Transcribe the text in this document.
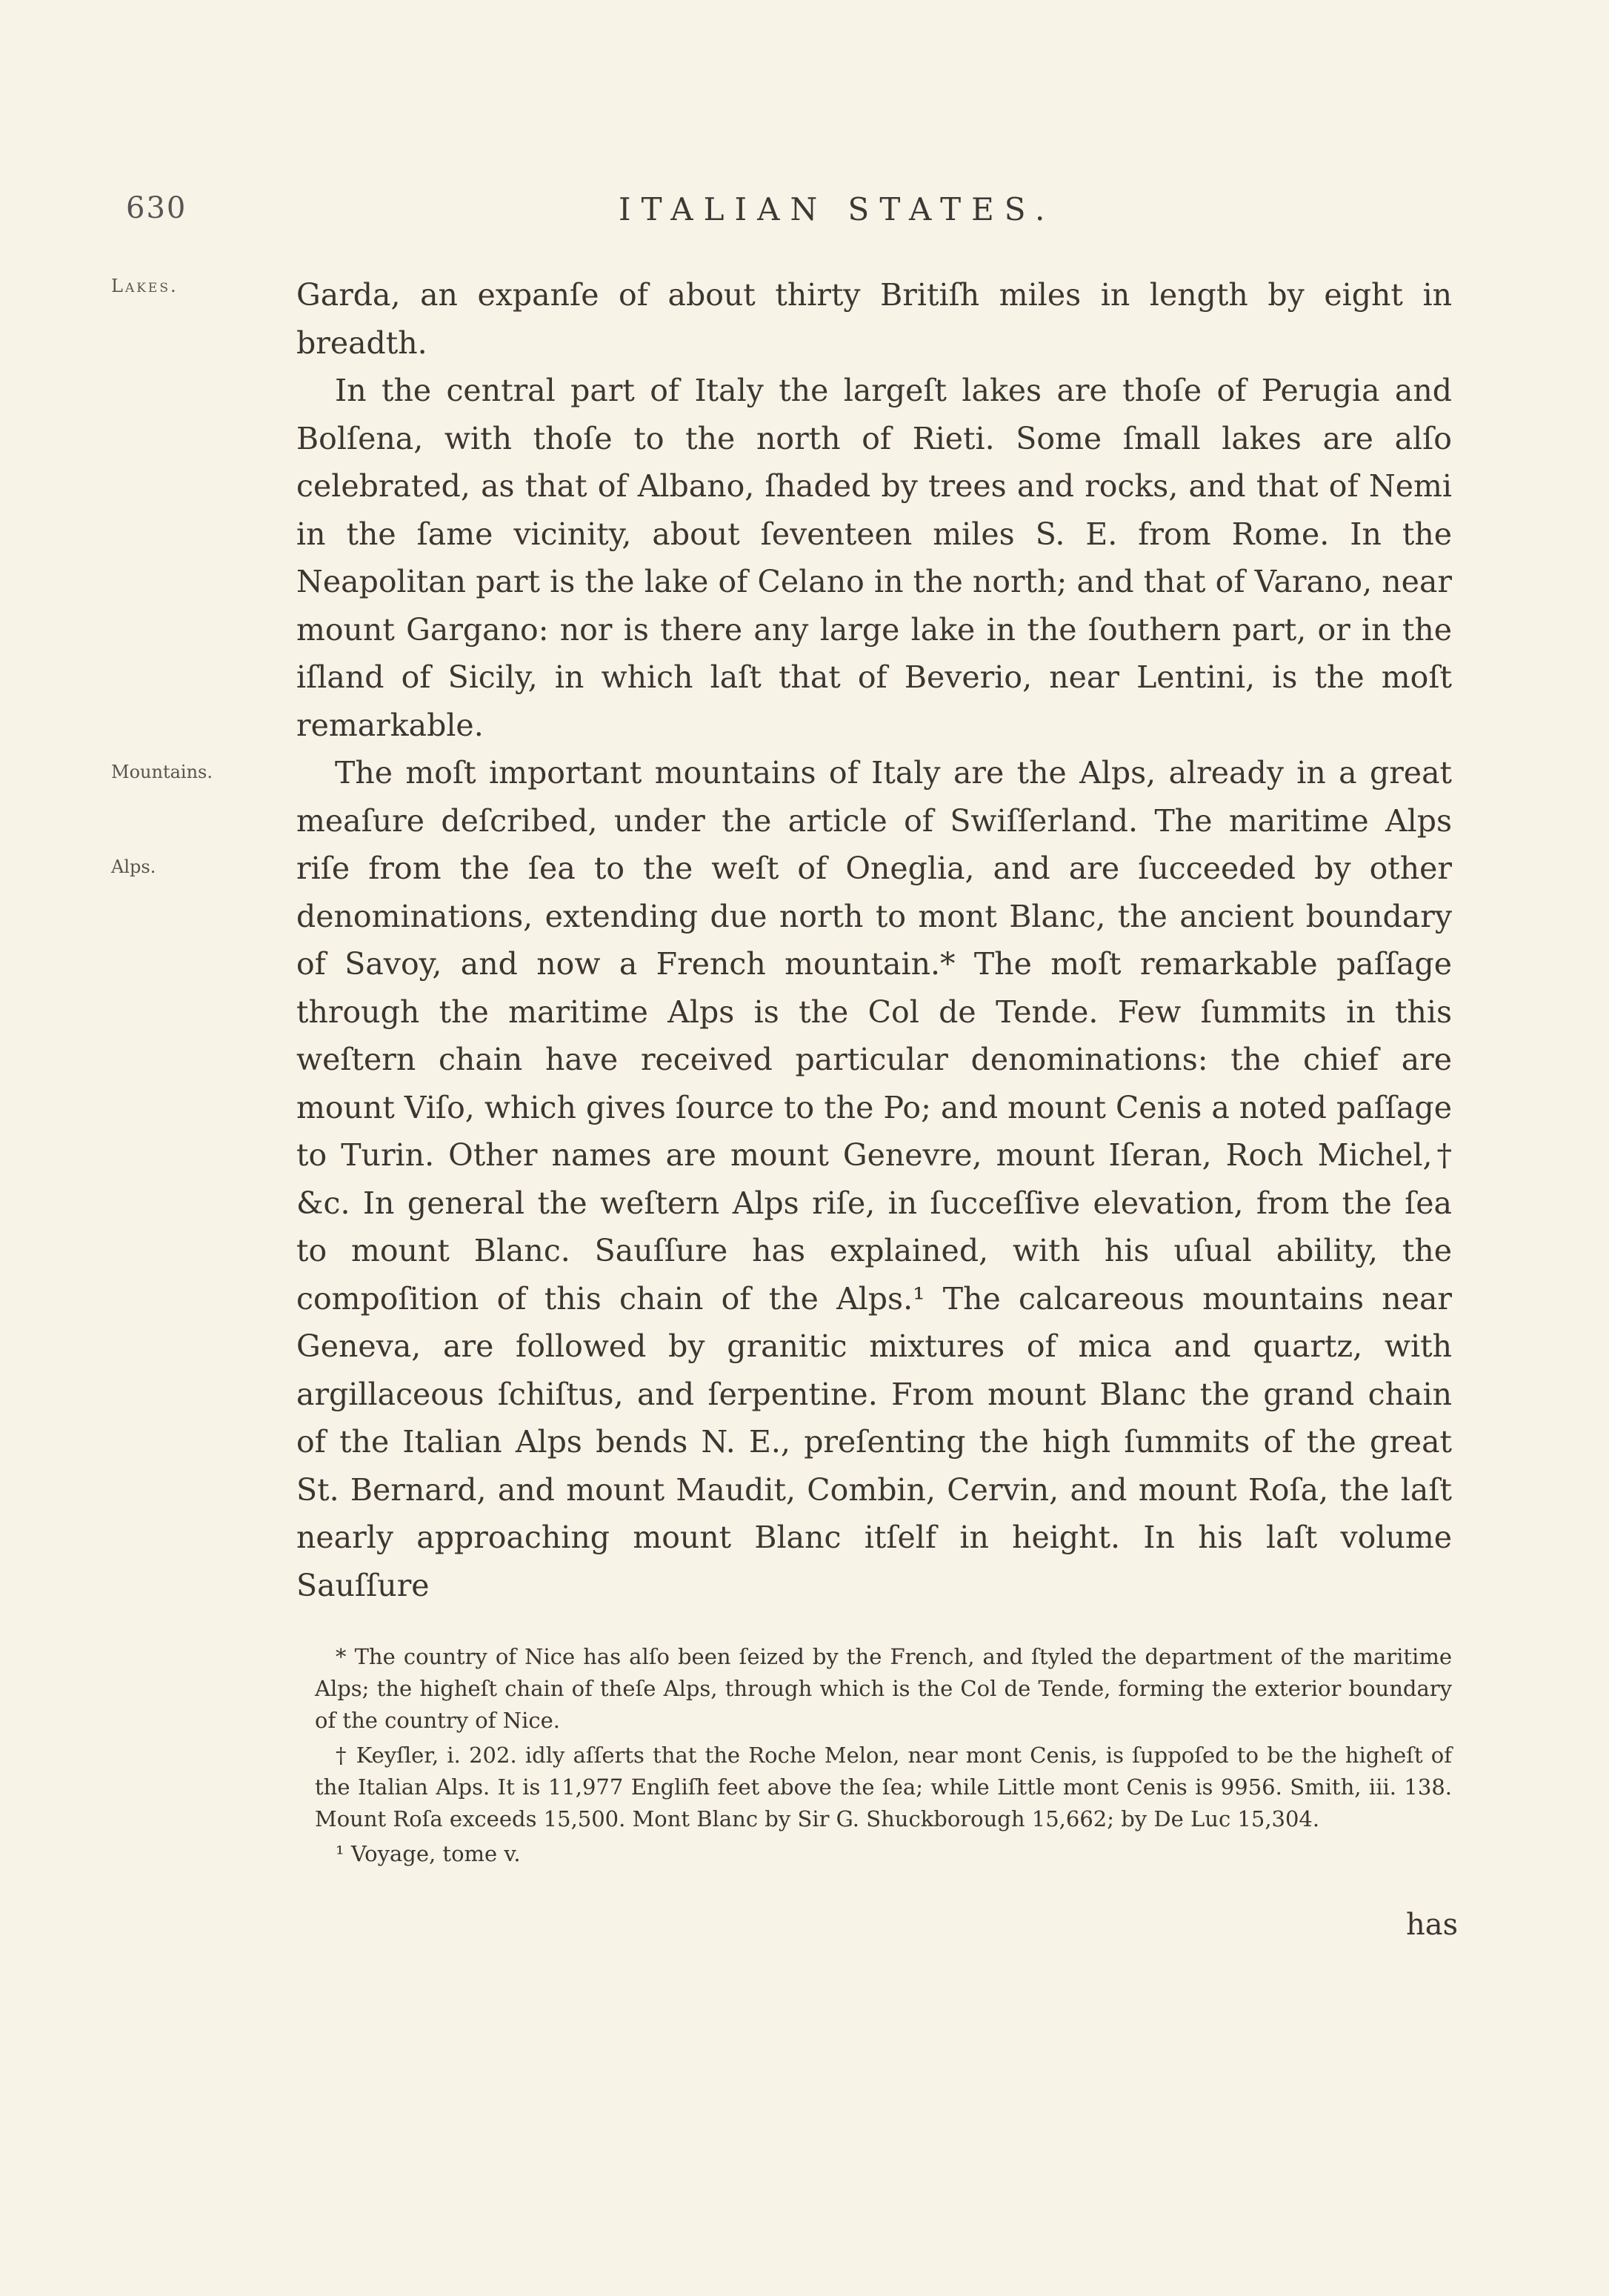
630	ITALIAN STATES.
Lakes.
Mountains.
Alps.

Garda, an expanſe of about thirty Britiſh miles in length by eight in breadth.

In the central part of Italy the largeſt lakes are thoſe of Perugia and Bolſena, with thoſe to the north of Rieti. Some ſmall lakes are alſo celebrated, as that of Albano, ſhaded by trees and rocks, and that of Nemi in the ſame vicinity, about ſeventeen miles S. E. from Rome. In the Neapolitan part is the lake of Celano in the north; and that of Varano, near mount Gargano: nor is there any large lake in the ſouthern part, or in the iſland of Sicily, in which laſt that of Beverio, near Lentini, is the moſt remarkable.

The moſt important mountains of Italy are the Alps, already in a great meaſure deſcribed, under the article of Swiſſerland. The maritime Alps riſe from the ſea to the weſt of Oneglia, and are ſucceeded by other denominations, extending due north to mont Blanc, the ancient boundary of Savoy, and now a French mountain.* The moſt remarkable paſſage through the maritime Alps is the Col de Tende. Few ſummits in this weſtern chain have received particular denominations: the chief are mount Viſo, which gives ſource to the Po; and mount Cenis a noted paſſage to Turin. Other names are mount Genevre, mount Iſeran, Roch Michel,† &c. In general the weſtern Alps riſe, in ſucceſſive elevation, from the ſea to mount Blanc. Sauſſure has explained, with his uſual ability, the compoſition of this chain of the Alps.¹ The calcareous mountains near Geneva, are followed by granitic mixtures of mica and quartz, with argillaceous ſchiſtus, and ſerpentine. From mount Blanc the grand chain of the Italian Alps bends N. E., preſenting the high ſummits of the great St. Bernard, and mount Maudit, Combin, Cervin, and mount Roſa, the laſt nearly approaching mount Blanc itſelf in height. In his laſt volume Sauſſure

* The country of Nice has alſo been ſeized by the French, and ſtyled the department of the maritime Alps; the higheſt chain of theſe Alps, through which is the Col de Tende, forming the exterior boundary of the country of Nice.

† Keyſler, i. 202. idly aſſerts that the Roche Melon, near mont Cenis, is ſuppoſed to be the higheſt of the Italian Alps. It is 11,977 Engliſh feet above the ſea; while Little mont Cenis is 9956. Smith, iii. 138. Mount Roſa exceeds 15,500. Mont Blanc by Sir G. Shuckborough 15,662; by De Luc 15,304.

¹ Voyage, tome v.

has
